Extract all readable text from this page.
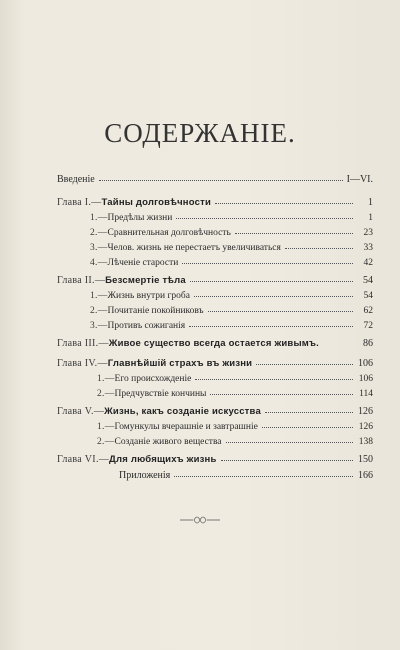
СОДЕРЖАНІЕ.
Введеніе	I—VI.
Глава I.— Тайны долговѣчности	1
1.— Предѣлы жизни	1
2.— Сравнительная долговѣчность	23
3.— Челов. жизнь не перестаетъ увеличиваться	33
4.— Лѣченіе старости	42
Глава II.— Безсмертіе тѣла	54
1.— Жизнь внутри гроба	54
2.— Почитаніе покойниковъ	62
3.— Противъ сожиганія	72
Глава III.— Живое существо всегда остается живымъ.	86
Глава IV.— Главнѣйшій страхъ въ жизни	106
1.— Его происхожденіе	106
2.— Предчувствіе кончины	114
Глава V.— Жизнь, какъ созданіе искусства	126
1.— Гомункулы вчерашніе и завтрашніе	126
2.— Созданіе живого вещества	138
Глава VI.— Для любящихъ жизнь	150
Приложенія	166
